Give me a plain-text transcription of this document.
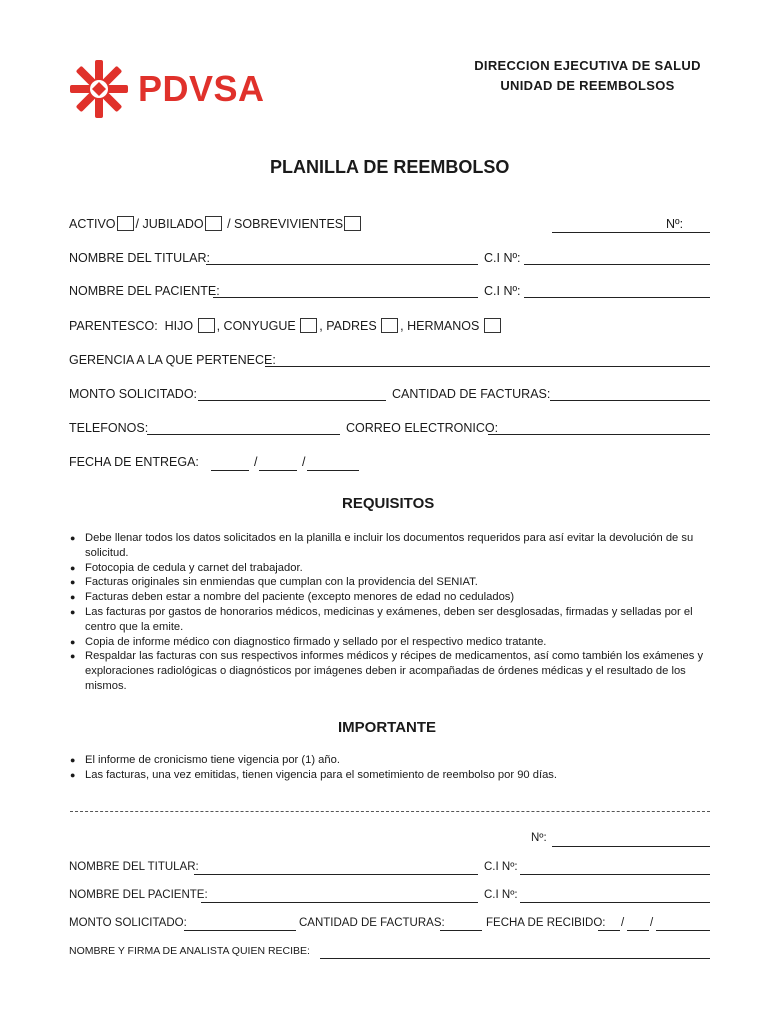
PDVSA
DIRECCION EJECUTIVA DE SALUD
UNIDAD DE REEMBOLSOS
PLANILLA DE REEMBOLSO
ACTIVO / JUBILADO / SOBREVIVIENTES	Nº:
NOMBRE DEL TITULAR:	C.I Nº:
NOMBRE DEL PACIENTE:	C.I Nº:
PARENTESCO: HIJO , CONYUGUE , PADRES , HERMANOS
GERENCIA A LA QUE PERTENECE:
MONTO SOLICITADO:	CANTIDAD DE FACTURAS:
TELEFONOS:	CORREO ELECTRONICO:
FECHA DE ENTREGA:	/	/
REQUISITOS
● Debe llenar todos los datos solicitados en la planilla e incluir los documentos requeridos para así evitar la devolución de su solicitud.
● Fotocopia de cedula y carnet del trabajador.
● Facturas originales sin enmiendas que cumplan con la providencia del SENIAT.
● Facturas deben estar a nombre del paciente (excepto menores de edad no cedulados)
● Las facturas por gastos de honorarios médicos, medicinas y exámenes, deben ser desglosadas, firmadas y selladas por el centro que la emite.
● Copia de informe médico con diagnostico firmado y sellado por el respectivo medico tratante.
● Respaldar las facturas con sus respectivos informes médicos y récipes de medicamentos, así como también los exámenes y exploraciones radiológicas o diagnósticos por imágenes deben ir acompañadas de órdenes médicas y el resultado de los mismos.
IMPORTANTE
● El informe de cronicismo tiene vigencia por (1) año.
● Las facturas, una vez emitidas, tienen vigencia para el sometimiento de reembolso por 90 días.
Nº:
NOMBRE DEL TITULAR:	C.I Nº:
NOMBRE DEL PACIENTE:	C.I Nº:
MONTO SOLICITADO:	CANTIDAD DE FACTURAS:	FECHA DE RECIBIDO: / /
NOMBRE Y FIRMA DE ANALISTA QUIEN RECIBE:
